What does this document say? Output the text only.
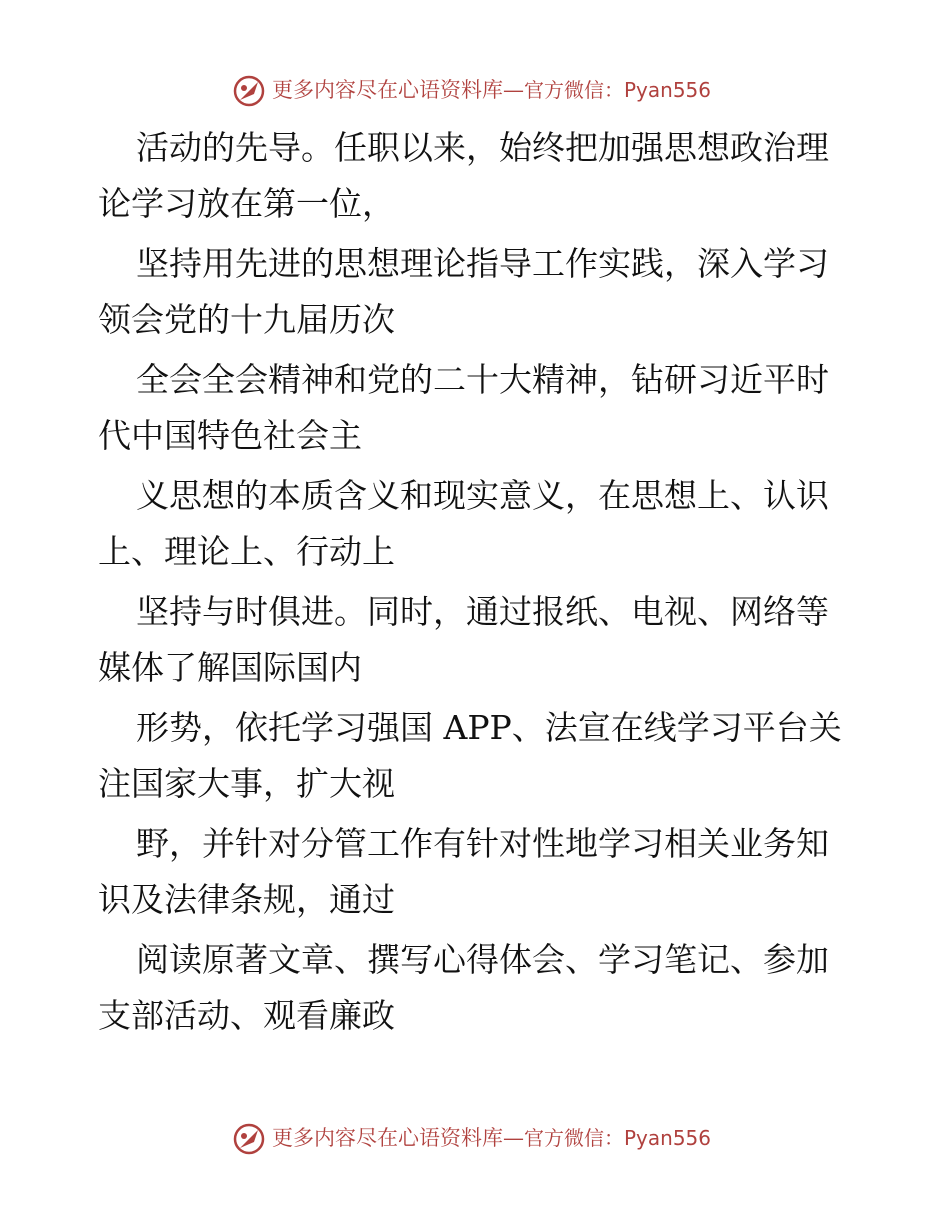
更多内容尽在心语资料库—官方微信：Pyan556
活动的先导。任职以来，始终把加强思想政治理
论学习放在第一位，
坚持用先进的思想理论指导工作实践，深入学习
领会党的十九届历次
全会全会精神和党的二十大精神，钻研习近平时
代中国特色社会主
义思想的本质含义和现实意义，在思想上、认识
上、理论上、行动上
坚持与时俱进。同时，通过报纸、电视、网络等
媒体了解国际国内
形势，依托学习强国 APP、法宣在线学习平台关
注国家大事，扩大视
野，并针对分管工作有针对性地学习相关业务知
识及法律条规，通过
阅读原著文章、撰写心得体会、学习笔记、参加
支部活动、观看廉政
更多内容尽在心语资料库—官方微信：Pyan556
